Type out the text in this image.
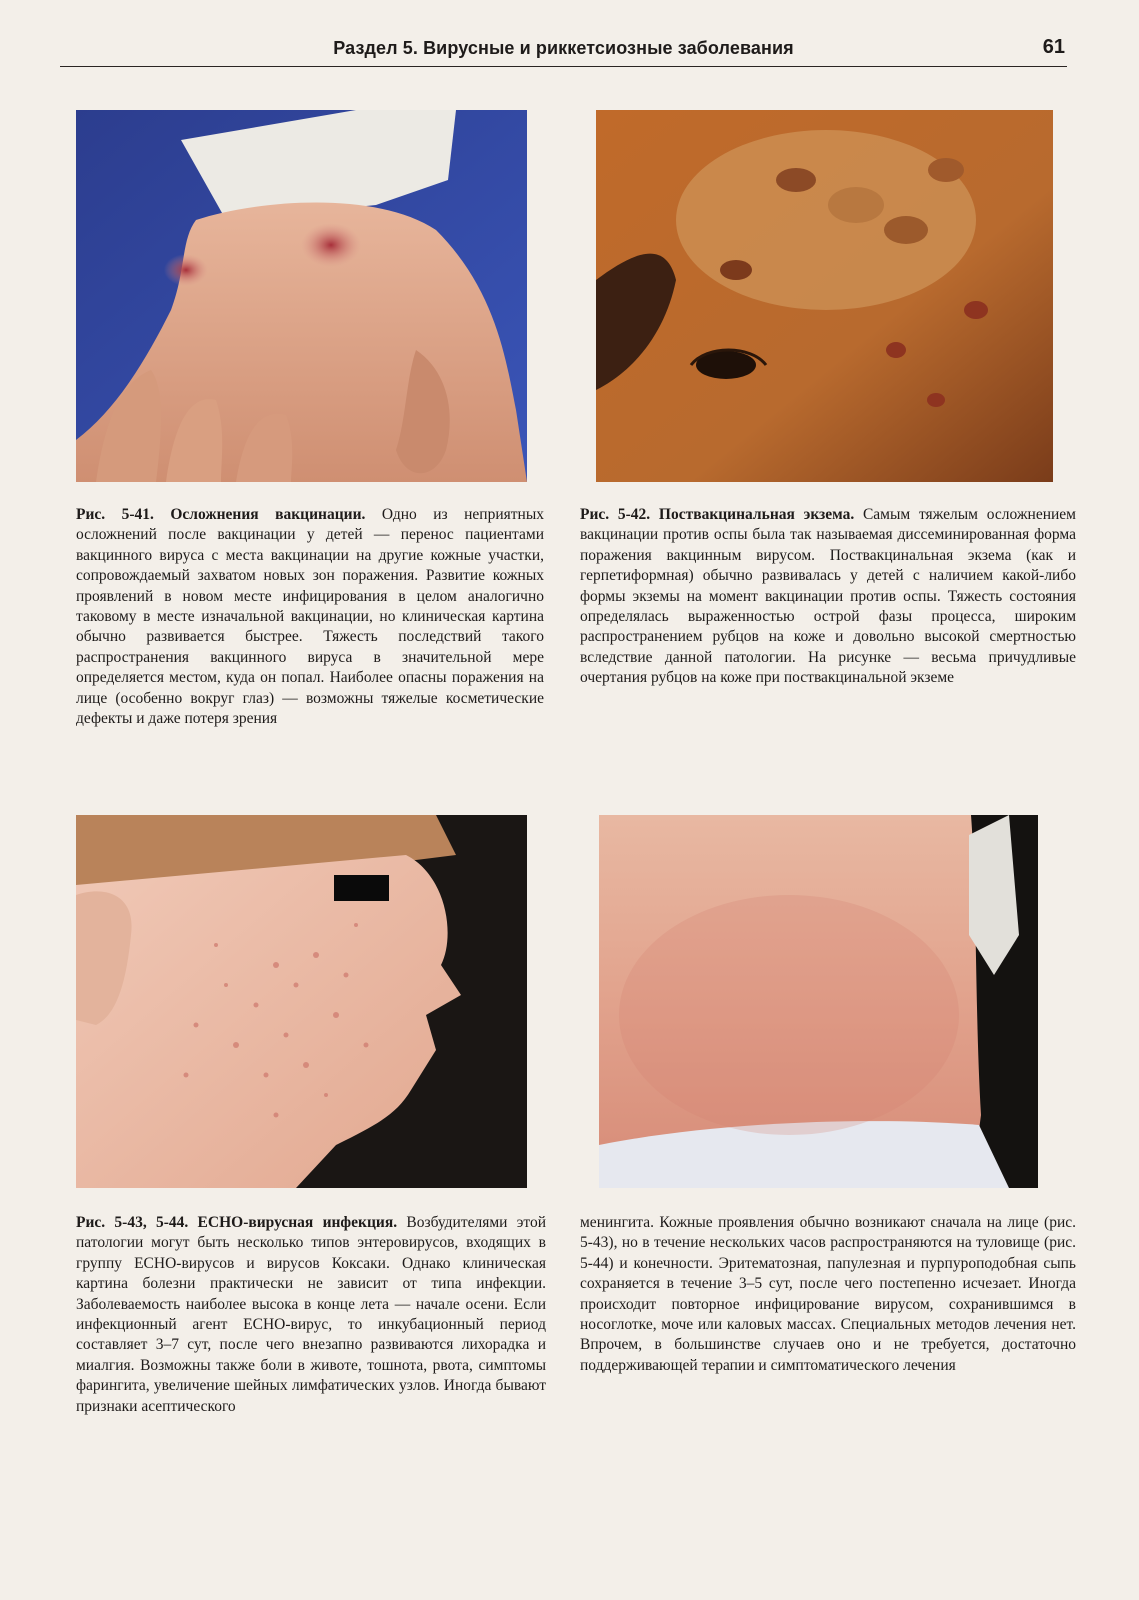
Раздел 5. Вирусные и риккетсиозные заболевания	61

Рис. 5-41. Осложнения вакцинации. Одно из неприятных осложнений после вакцинации у детей — перенос пациентами вакцинного вируса с места вакцинации на другие кожные участки, сопровождаемый захватом новых зон поражения. Развитие кожных проявлений в новом месте инфицирования в целом аналогично таковому в месте изначальной вакцинации, но клиническая картина обычно развивается быстрее. Тяжесть последствий такого распространения вакцинного вируса в значительной мере определяется местом, куда он попал. Наиболее опасны поражения на лице (особенно вокруг глаз) — возможны тяжелые косметические дефекты и даже потеря зрения

Рис. 5-42. Поствакцинальная экзема. Самым тяжелым осложнением вакцинации против оспы была так называемая диссеминированная форма поражения вакцинным вирусом. Поствакцинальная экзема (как и герпетиформная) обычно развивалась у детей с наличием какой-либо формы экземы на момент вакцинации против оспы. Тяжесть состояния определялась выраженностью острой фазы процесса, широким распространением рубцов на коже и довольно высокой смертностью вследствие данной патологии. На рисунке — весьма причудливые очертания рубцов на коже при поствакцинальной экземе

Рис. 5-43, 5-44. ЕСНО-вирусная инфекция. Возбудителями этой патологии могут быть несколько типов энтеровирусов, входящих в группу ЕСНО-вирусов и вирусов Коксаки. Однако клиническая картина болезни практически не зависит от типа инфекции. Заболеваемость наиболее высока в конце лета — начале осени. Если инфекционный агент ЕСНО-вирус, то инкубационный период составляет 3–7 сут, после чего внезапно развиваются лихорадка и миалгия. Возможны также боли в животе, тошнота, рвота, симптомы фарингита, увеличение шейных лимфатических узлов. Иногда бывают признаки асептического

менингита. Кожные проявления обычно возникают сначала на лице (рис. 5-43), но в течение нескольких часов распространяются на туловище (рис. 5-44) и конечности. Эритематозная, папулезная и пурпуроподобная сыпь сохраняется в течение 3–5 сут, после чего постепенно исчезает. Иногда происходит повторное инфицирование вирусом, сохранившимся в носоглотке, моче или каловых массах. Специальных методов лечения нет. Впрочем, в большинстве случаев оно и не требуется, достаточно поддерживающей терапии и симптоматического лечения
